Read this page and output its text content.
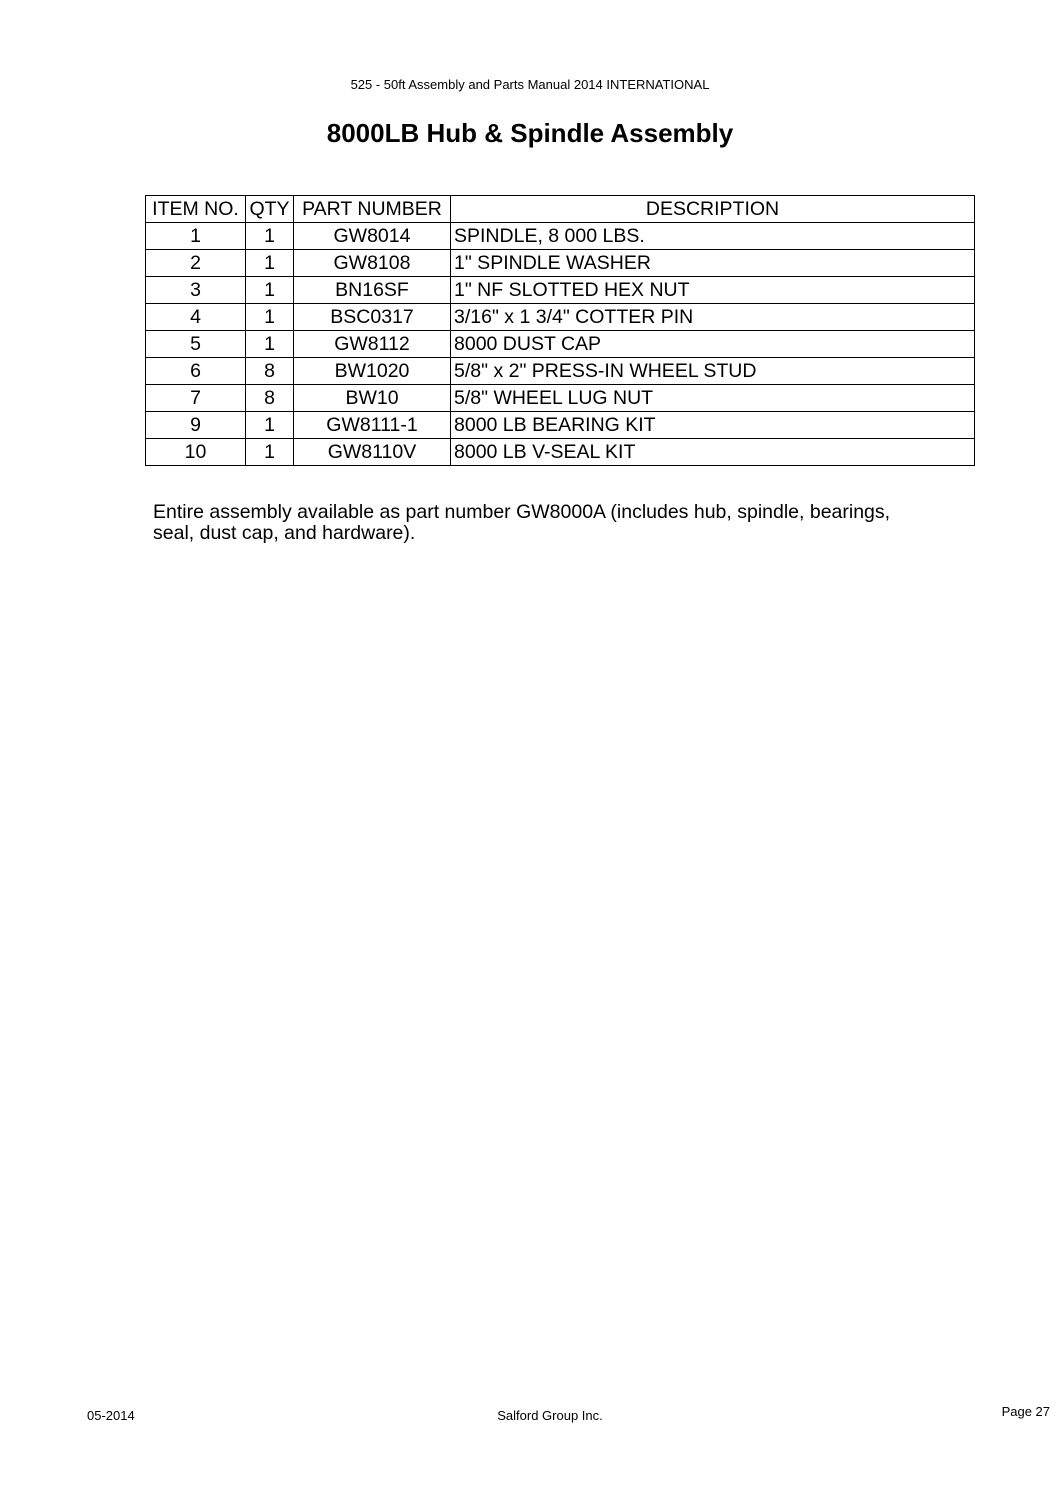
525 - 50ft Assembly and Parts Manual 2014 INTERNATIONAL
8000LB Hub & Spindle Assembly
ITEM NO.	QTY	PART NUMBER	DESCRIPTION
1	1	GW8014	SPINDLE, 8 000 LBS.
2	1	GW8108	1" SPINDLE WASHER
3	1	BN16SF	1" NF SLOTTED HEX NUT
4	1	BSC0317	3/16" x 1 3/4" COTTER PIN
5	1	GW8112	8000 DUST CAP
6	8	BW1020	5/8" x 2" PRESS-IN WHEEL STUD
7	8	BW10	5/8" WHEEL LUG NUT
9	1	GW8111-1	8000 LB BEARING KIT
10	1	GW8110V	8000 LB V-SEAL KIT
Entire assembly available as part number GW8000A (includes hub, spindle, bearings,
seal, dust cap, and hardware).
05-2014	Salford Group Inc.	Page 27
